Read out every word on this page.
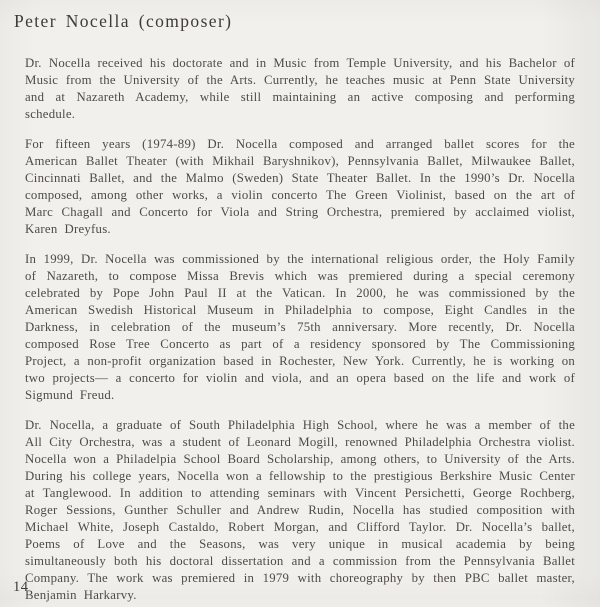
Peter Nocella (composer)

Dr. Nocella received his doctorate and in Music from Temple University, and his Bachelor of Music from the University of the Arts. Currently, he teaches music at Penn State University and at Nazareth Academy, while still maintaining an active composing and performing schedule.

For fifteen years (1974-89) Dr. Nocella composed and arranged ballet scores for the American Ballet Theater (with Mikhail Baryshnikov), Pennsylvania Ballet, Milwaukee Ballet, Cincinnati Ballet, and the Malmo (Sweden) State Theater Ballet. In the 1990’s Dr. Nocella composed, among other works, a violin concerto The Green Violinist, based on the art of Marc Chagall and Concerto for Viola and String Orchestra, premiered by acclaimed violist, Karen Dreyfus.

In 1999, Dr. Nocella was commissioned by the international religious order, the Holy Family of Nazareth, to compose Missa Brevis which was premiered during a special ceremony celebrated by Pope John Paul II at the Vatican. In 2000, he was commissioned by the American Swedish Historical Museum in Philadelphia to compose, Eight Candles in the Darkness, in celebration of the museum’s 75th anniversary. More recently, Dr. Nocella composed Rose Tree Concerto as part of a residency sponsored by The Commissioning Project, a non-profit organization based in Rochester, New York. Currently, he is working on two projects— a concerto for violin and viola, and an opera based on the life and work of Sigmund Freud.

Dr. Nocella, a graduate of South Philadelphia High School, where he was a member of the All City Orchestra, was a student of Leonard Mogill, renowned Philadelphia Orchestra violist. Nocella won a Philadelpia School Board Scholarship, among others, to University of the Arts. During his college years, Nocella won a fellowship to the prestigious Berkshire Music Center at Tanglewood. In addition to attending seminars with Vincent Persichetti, George Rochberg, Roger Sessions, Gunther Schuller and Andrew Rudin, Nocella has studied composition with Michael White, Joseph Castaldo, Robert Morgan, and Clifford Taylor. Dr. Nocella’s ballet, Poems of Love and the Seasons, was very unique in musical academia by being simultaneously both his doctoral dissertation and a commission from the Pennsylvania Ballet Company. The work was premiered in 1979 with choreography by then PBC ballet master, Benjamin Harkarvy.

14
